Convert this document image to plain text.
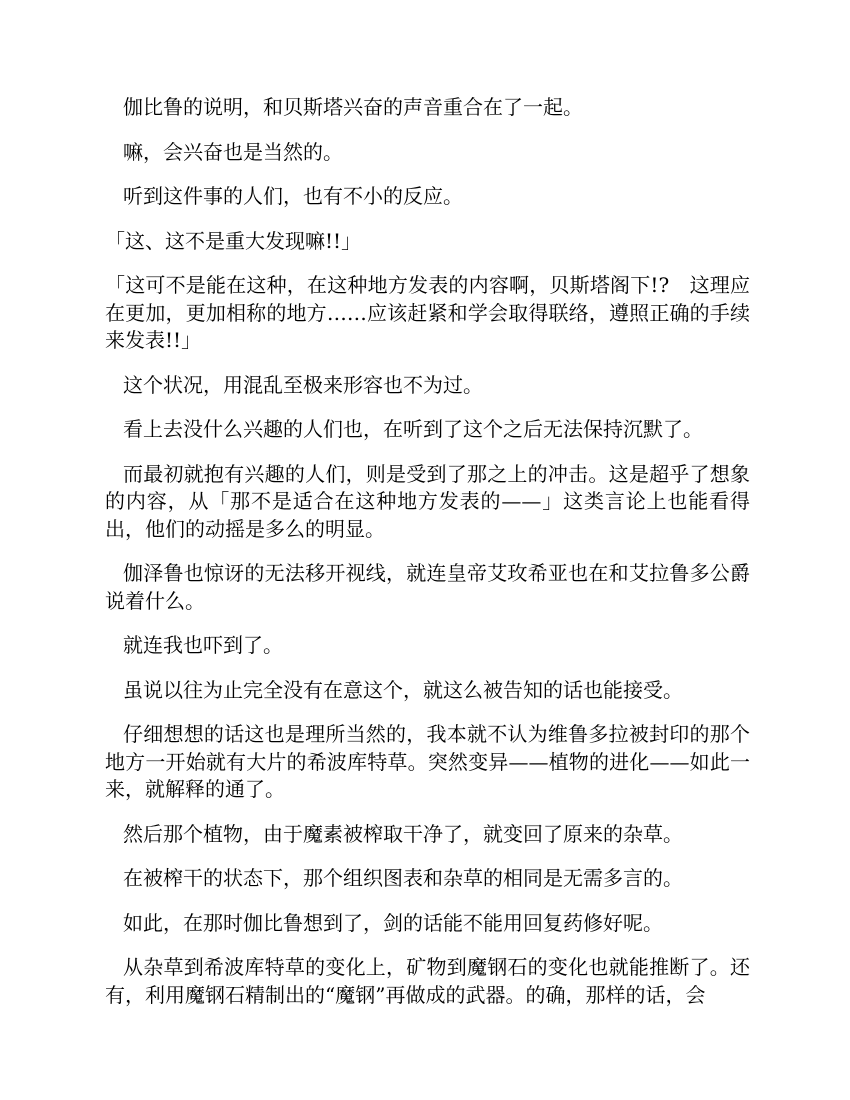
伽比鲁的说明，和贝斯塔兴奋的声音重合在了一起。

嘛，会兴奋也是当然的。

听到这件事的人们，也有不小的反应。

「这、这不是重大发现嘛!!」

「这可不是能在这种，在这种地方发表的内容啊，贝斯塔阁下!?　这理应在更加，更加相称的地方……应该赶紧和学会取得联络，遵照正确的手续来发表!!」

这个状况，用混乱至极来形容也不为过。

看上去没什么兴趣的人们也，在听到了这个之后无法保持沉默了。

而最初就抱有兴趣的人们，则是受到了那之上的冲击。这是超乎了想象的内容，从「那不是适合在这种地方发表的——」这类言论上也能看得出，他们的动摇是多么的明显。

伽泽鲁也惊讶的无法移开视线，就连皇帝艾玫希亚也在和艾拉鲁多公爵说着什么。

就连我也吓到了。

虽说以往为止完全没有在意这个，就这么被告知的话也能接受。

仔细想想的话这也是理所当然的，我本就不认为维鲁多拉被封印的那个地方一开始就有大片的希波库特草。突然变异——植物的进化——如此一来，就解释的通了。

然后那个植物，由于魔素被榨取干净了，就变回了原来的杂草。

在被榨干的状态下，那个组织图表和杂草的相同是无需多言的。

如此，在那时伽比鲁想到了，剑的话能不能用回复药修好呢。

从杂草到希波库特草的变化上，矿物到魔钢石的变化也就能推断了。还有，利用魔钢石精制出的“魔钢”再做成的武器。的确，那样的话，会
